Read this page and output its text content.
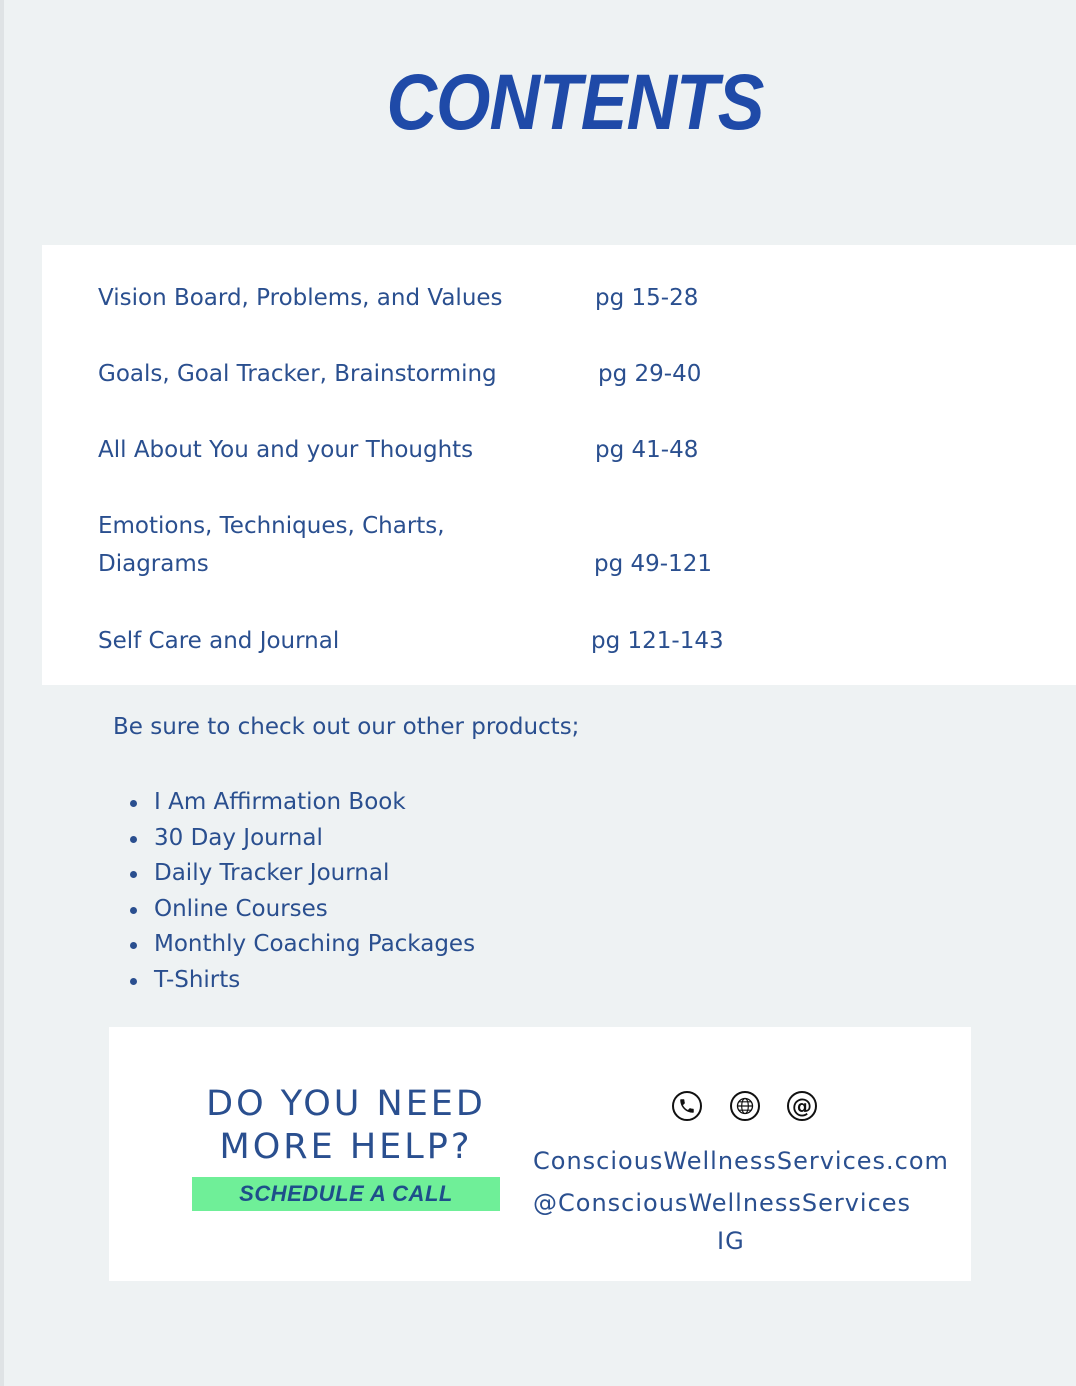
CONTENTS
Vision Board, Problems, and Values	pg 15-28
Goals, Goal Tracker, Brainstorming	pg 29-40
All About You and your Thoughts	pg 41-48
Emotions, Techniques, Charts,
Diagrams	pg 49-121
Self Care and Journal	pg 121-143
Be sure to check out our other products;
I Am Affirmation Book
30 Day Journal
Daily Tracker Journal
Online Courses
Monthly Coaching Packages
T-Shirts
DO YOU NEED
MORE HELP?
SCHEDULE A CALL
@
ConsciousWellnessServices.com
@ConsciousWellnessServices
IG
